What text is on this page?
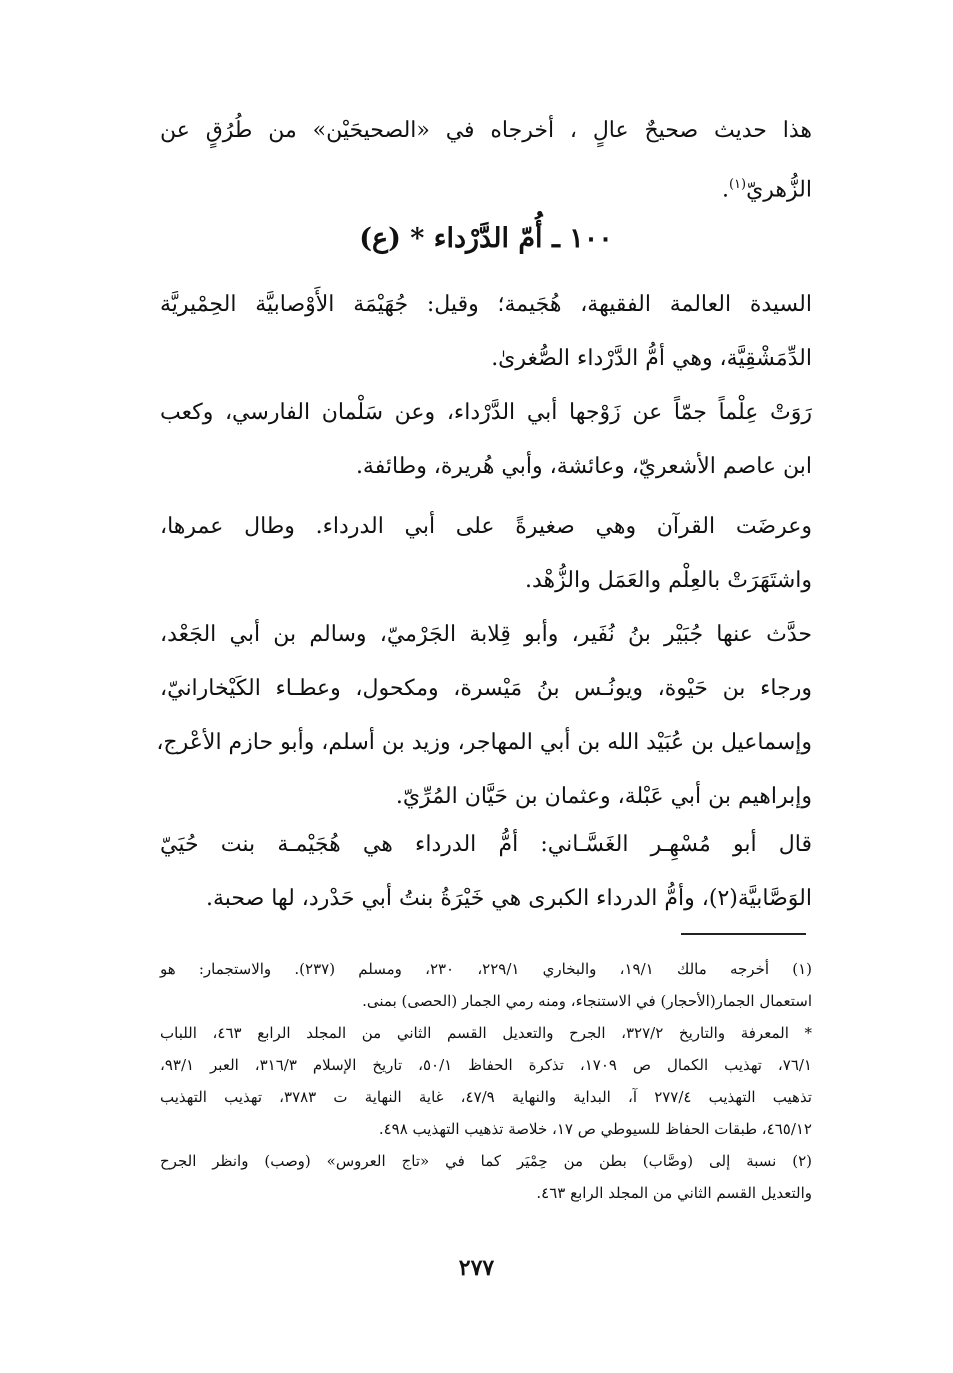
هذا حديث صحيحٌ عالٍ ، أخرجاه في «الصحيحَيْن» من طُرُقٍ عن
الزُّهريّ$^{(١)}$.
١٠٠ ـ أُمّ الدَّرْداء * (ع)
السيدة العالمة الفقيهة، هُجَيمة؛ وقيل: جُهَيْمَة الأَوْصابيَّة الحِمْيريَّة
الدِّمَشْقِيَّة، وهي أمُّ الدَّرْداء الصُّغرىٰ.
رَوَتْ عِلْماً جمّاً عن زَوْجها أبي الدَّرْداء، وعن سَلْمان الفارسي، وكعب
ابن عاصم الأشعريّ، وعائشة، وأبي هُريرة، وطائفة.
وعرضَت القرآن وهي صغيرةً على أبي الدرداء. وطال عمرها،
واشتَهَرَتْ بالعِلْم والعَمَل والزُّهْد.
حدَّث عنها جُبَيْر بنُ نُفَير، وأبو قِلابة الجَرْميّ، وسالم بن أبي الجَعْد،
ورجاء بن حَيْوة، ويونُـس بنُ مَيْسرة، ومكحول، وعطـاء الكَيْخارانيّ،
وإسماعيل بن عُبَيْد الله بن أبي المهاجر، وزيد بن أسلم، وأبو حازم الأعْرج،
وإبراهيم بن أبي عَبْلة، وعثمان بن حَيَّان المُرِّيّ.
قال أبو مُسْهِـر الغَسَّـاني: أمُّ الدرداء هي هُجَيْمـة بنت حُيَيّ
الوَصَّابيَّة(٢)، وأمُّ الدرداء الكبرى هي خَيْرَةُ بنتُ أبي حَدْرد، لها صحبة.
(١) أخرجه مالك ١٩/١، والبخاري ٢٢٩/١، ٢٣٠، ومسلم (٢٣٧). والاستجمار: هو
استعمال الجمار(الأحجار) في الاستنجاء، ومنه رمي الجمار (الحصى) بمنى.
* المعرفة والتاريخ ٣٢٧/٢، الجرح والتعديل القسم الثاني من المجلد الرابع ٤٦٣، اللباب
٧٦/١، تهذيب الكمال ص ١٧٠٩، تذكرة الحفاظ ٥٠/١، تاريخ الإسلام ٣١٦/٣، العبر ٩٣/١،
تذهيب التهذيب ٢٧٧/٤ آ، البداية والنهاية ٤٧/٩، غاية النهاية ت ٣٧٨٣، تهذيب التهذيب
٤٦٥/١٢، طبقات الحفاظ للسيوطي ص ١٧، خلاصة تذهيب التهذيب ٤٩٨.
(٢) نسبة إلى (وصَّاب) بطن من حِمْيَر كما في «تاج العروس» (وصب) وانظر الجرح
والتعديل القسم الثاني من المجلد الرابع ٤٦٣.
٢٧٧
